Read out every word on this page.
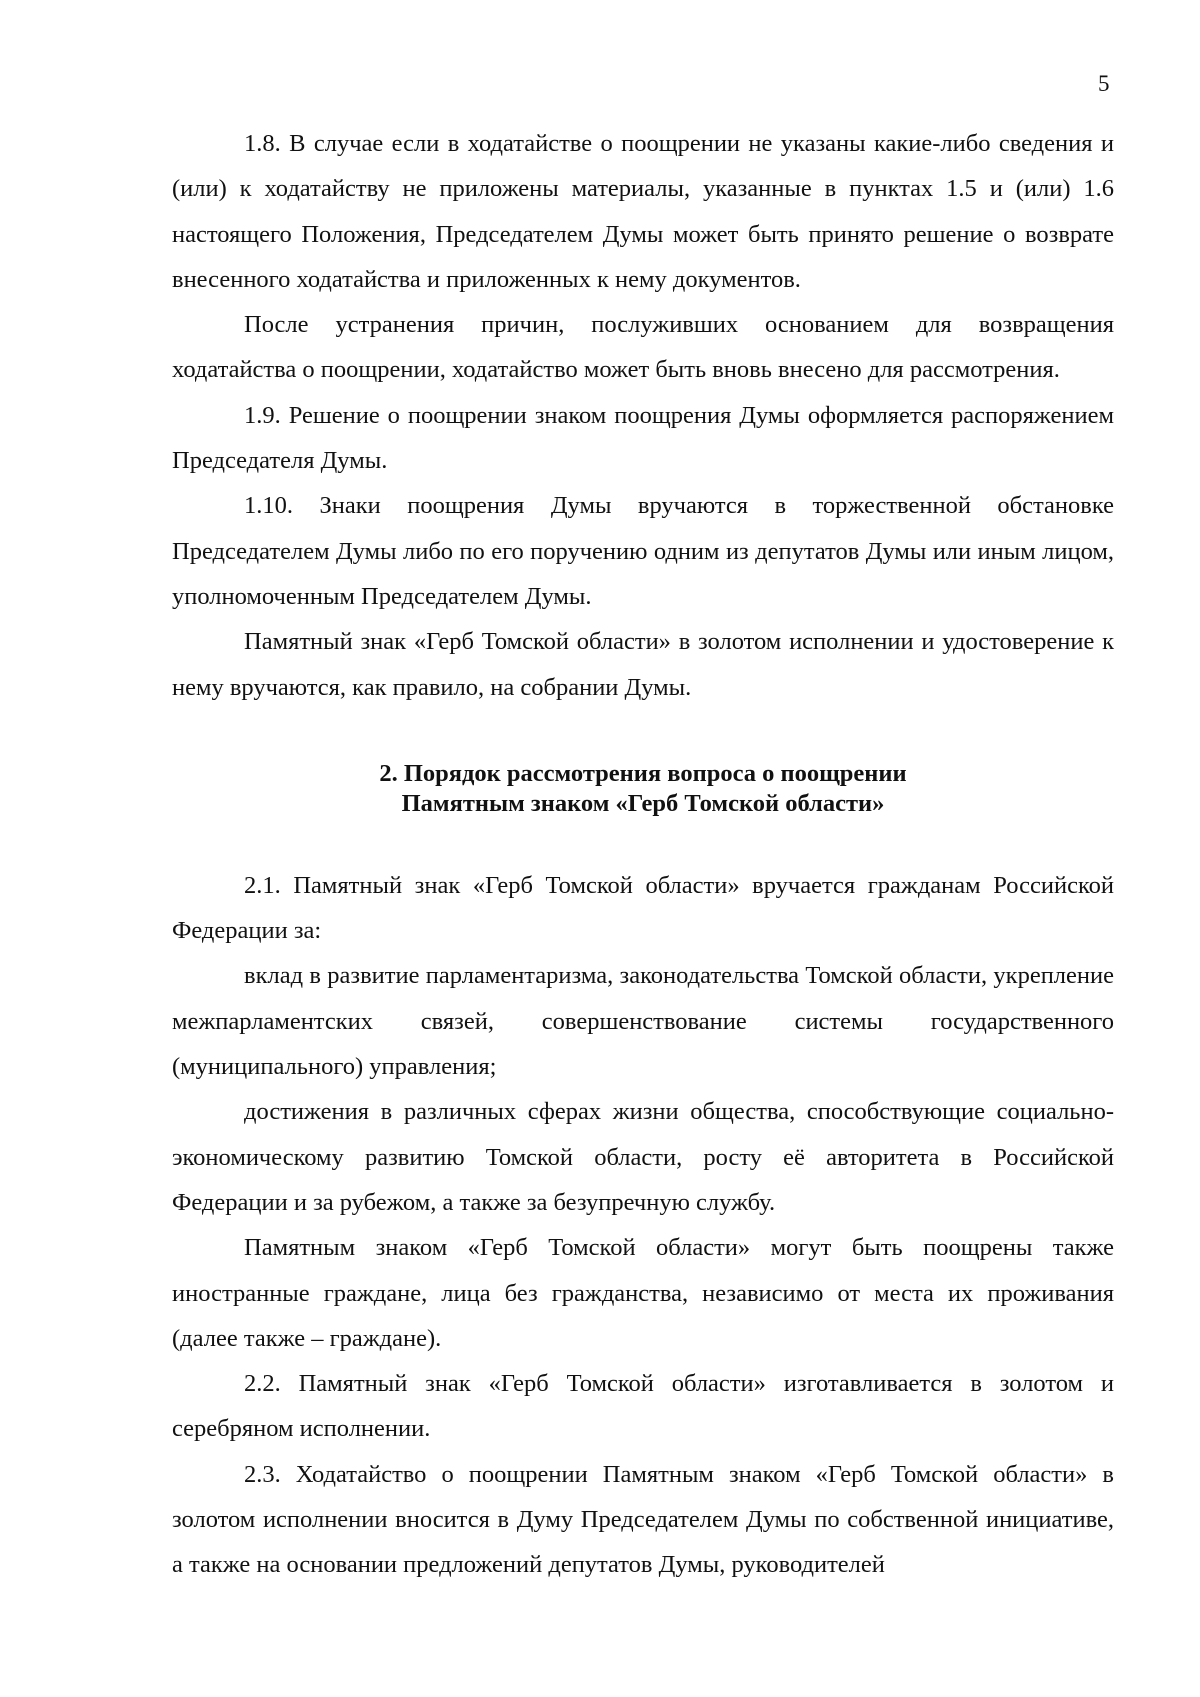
5

1.8. В случае если в ходатайстве о поощрении не указаны какие-либо сведения и (или) к ходатайству не приложены материалы, указанные в пунктах 1.5 и (или) 1.6 настоящего Положения, Председателем Думы может быть принято решение о возврате внесенного ходатайства и приложенных к нему документов.

После устранения причин, послуживших основанием для возвращения ходатайства о поощрении, ходатайство может быть вновь внесено для рассмотрения.

1.9. Решение о поощрении знаком поощрения Думы оформляется распоряжением Председателя Думы.

1.10. Знаки поощрения Думы вручаются в торжественной обстановке Председателем Думы либо по его поручению одним из депутатов Думы или иным лицом, уполномоченным Председателем Думы.

Памятный знак «Герб Томской области» в золотом исполнении и удостоверение к нему вручаются, как правило, на собрании Думы.

2. Порядок рассмотрения вопроса о поощрении
Памятным знаком «Герб Томской области»

2.1. Памятный знак «Герб Томской области» вручается гражданам Российской Федерации за:

вклад в развитие парламентаризма, законодательства Томской области, укрепление межпарламентских связей, совершенствование системы государственного (муниципального) управления;

достижения в различных сферах жизни общества, способствующие социально-экономическому развитию Томской области, росту её авторитета в Российской Федерации и за рубежом, а также за безупречную службу.

Памятным знаком «Герб Томской области» могут быть поощрены также иностранные граждане, лица без гражданства, независимо от места их проживания (далее также – граждане).

2.2. Памятный знак «Герб Томской области» изготавливается в золотом и серебряном исполнении.

2.3. Ходатайство о поощрении Памятным знаком «Герб Томской области» в золотом исполнении вносится в Думу Председателем Думы по собственной инициативе, а также на основании предложений депутатов Думы, руководителей
